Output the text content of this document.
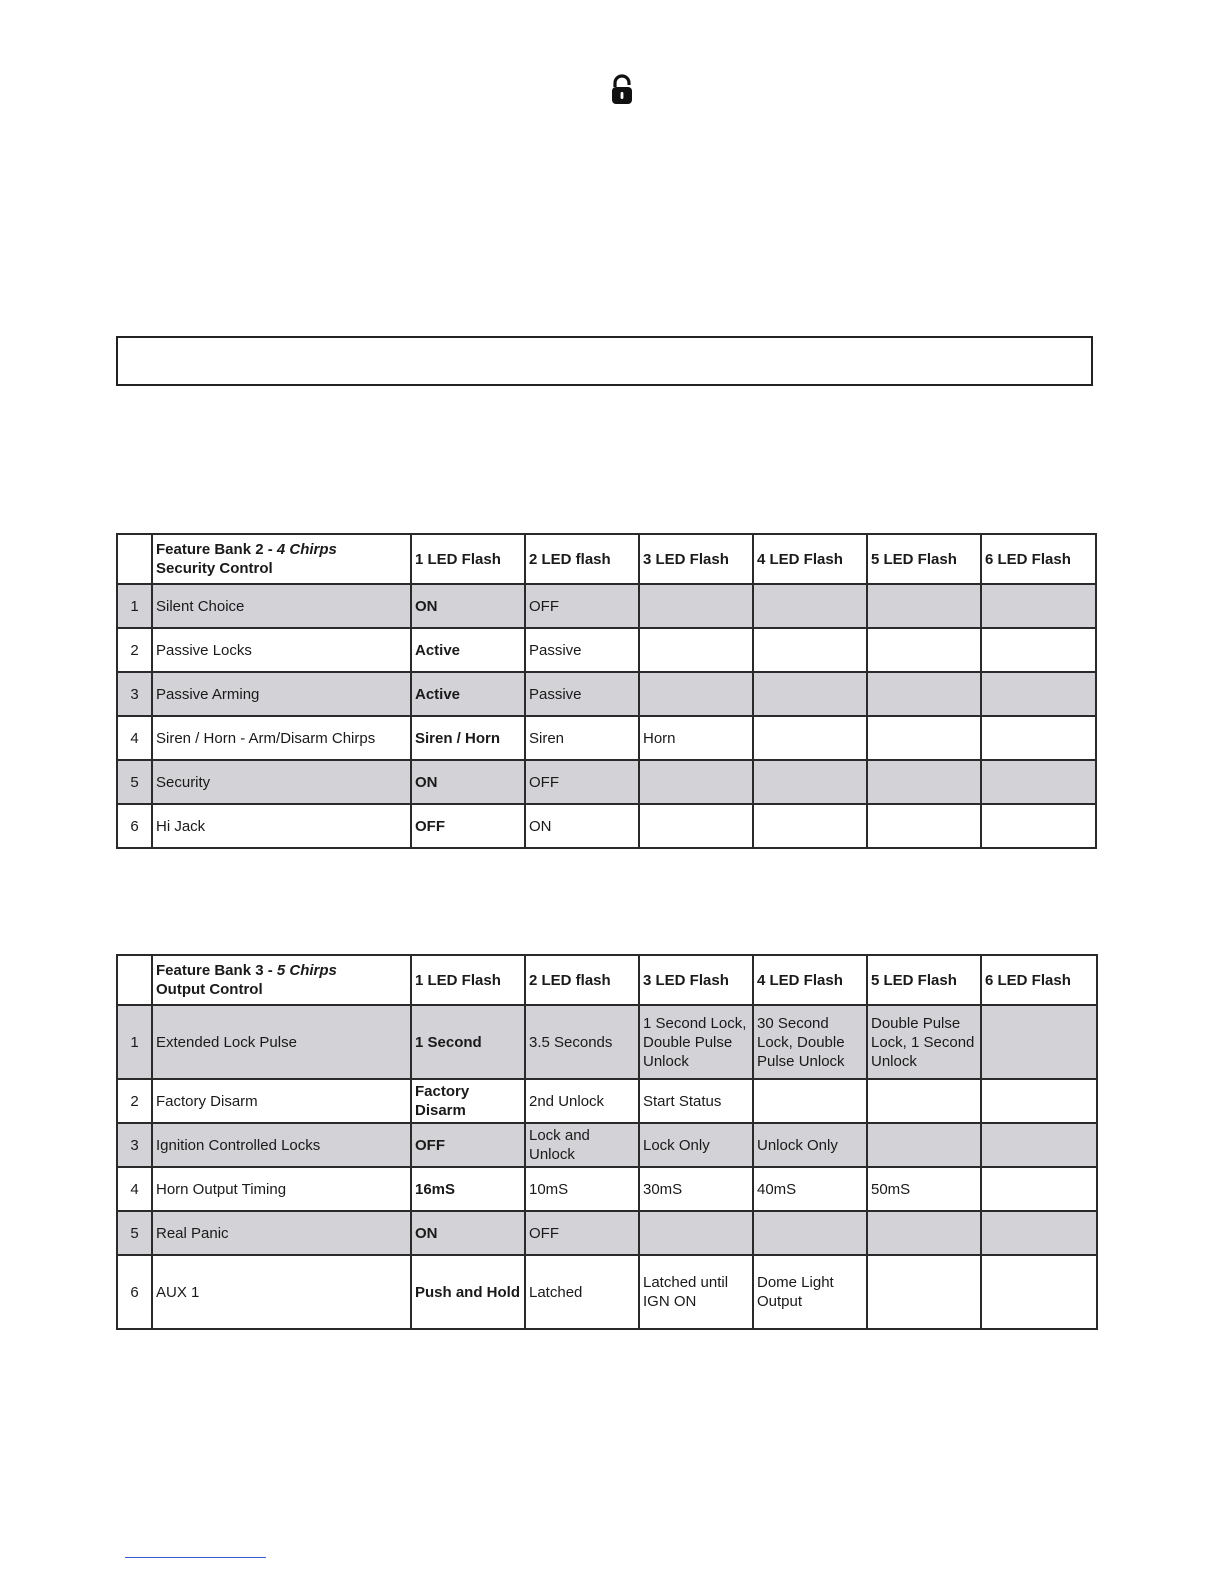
	Feature Bank 2 - 4 Chirps
Security Control	1 LED Flash	2 LED flash	3 LED Flash	4 LED Flash	5 LED Flash	6 LED Flash
1	Silent Choice	ON	OFF				
2	Passive Locks	Active	Passive				
3	Passive Arming	Active	Passive				
4	Siren / Horn - Arm/Disarm Chirps	Siren / Horn	Siren	Horn			
5	Security	ON	OFF				
6	Hi Jack	OFF	ON				

	Feature Bank 3 - 5 Chirps
Output Control	1 LED Flash	2 LED flash	3 LED Flash	4 LED Flash	5 LED Flash	6 LED Flash
1	Extended Lock Pulse	1 Second	3.5 Seconds	1 Second Lock, Double Pulse Unlock	30 Second Lock, Double Pulse Unlock	Double Pulse Lock, 1 Second Unlock	
2	Factory Disarm	Factory Disarm	2nd Unlock	Start Status			
3	Ignition Controlled Locks	OFF	Lock and Unlock	Lock Only	Unlock Only		
4	Horn Output Timing	16mS	10mS	30mS	40mS	50mS	
5	Real Panic	ON	OFF				
6	AUX 1	Push and Hold	Latched	Latched until IGN ON	Dome Light Output		
